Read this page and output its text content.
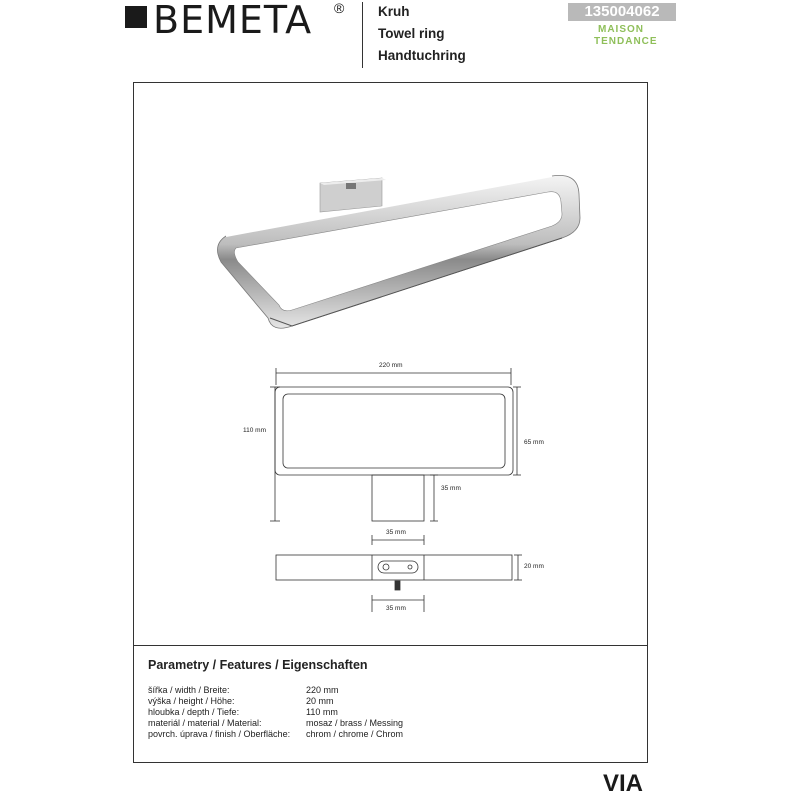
BEMETA ® Kruh
Towel ring
Handtuchring
135004062
MAISON
TENDANCE
220 mm
110 mm
65 mm
35 mm
35 mm
20 mm
35 mm
Parametry / Features / Eigenschaften
šířka / width / Breite:	220 mm
výška / height / Höhe:	20 mm
hloubka / depth / Tiefe:	110 mm
materiál / material / Material:	mosaz / brass / Messing
povrch. úprava / finish / Oberfläche: chrom / chrome / Chrom
VIA
